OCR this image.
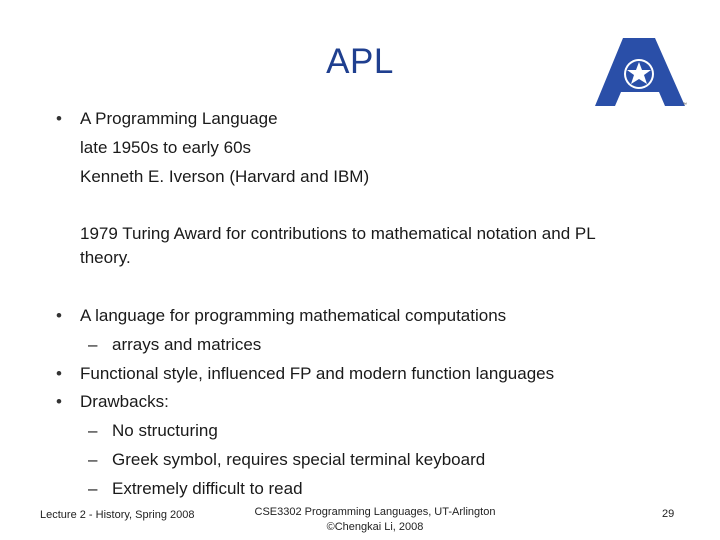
APL
™
• A Programming Language
late 1950s to early 60s
Kenneth E. Iverson (Harvard and IBM)
1979 Turing Award for contributions to mathematical notation and PL
theory.
• A language for programming mathematical computations
– arrays and matrices
• Functional style, influenced FP and modern function languages
• Drawbacks:
– No structuring
– Greek symbol, requires special terminal keyboard
– Extremely difficult to read
Lecture 2 - History, Spring 2008	CSE3302 Programming Languages, UT-Arlington
©Chengkai Li, 2008
29
